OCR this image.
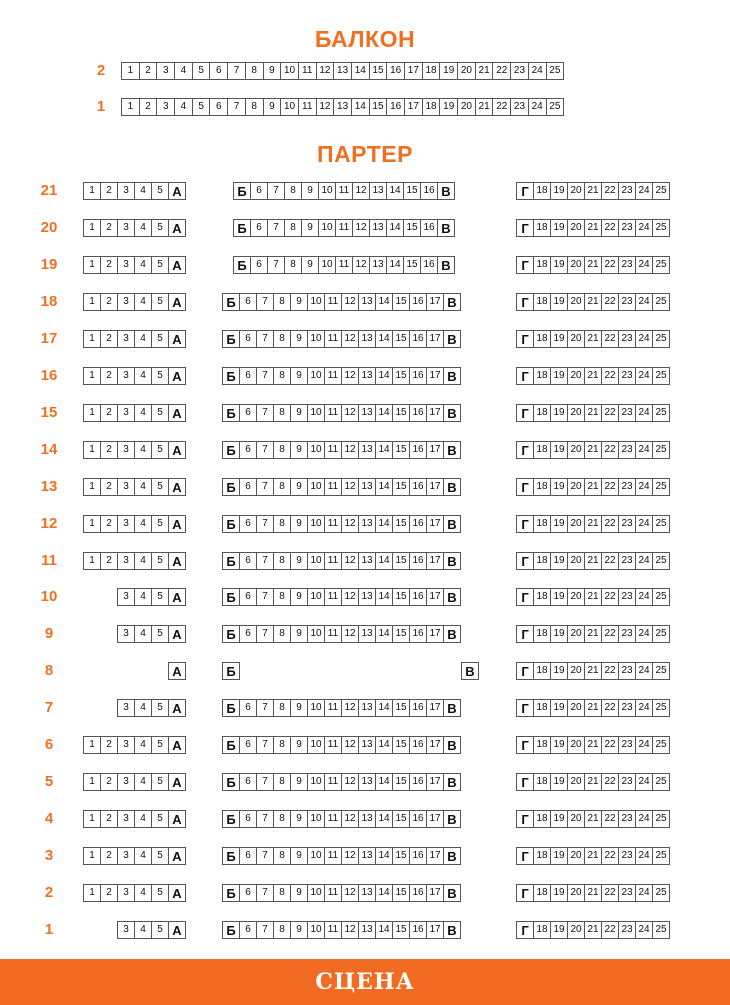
БАЛКОН
2	1	2	3	4	5	6	7	8	9 10 11 12 13 14 15 16 17 18 19 20 21 22 23 24 25
1	1	2	3	4	5	6	7	8	9 10 11 12 13 14 15 16 17 18 19 20 21 22 23 24 25
ПАРТЕР
21	1	2	3	4	5 А	Б 6	7	8	9 10 11 12 13 14 15 16 В	Г 18 19 20 21 22 23 24 25
20	1	2	3	4	5 А	Б 6	7	8	9 10 11 12 13 14 15 16 В	Г 18 19 20 21 22 23 24 25
19	1	2	3	4	5 А	Б 6	7	8	9 10 11 12 13 14 15 16 В	Г 18 19 20 21 22 23 24 25
18	1	2	3	4	5 А	Б 6	7	8	9 10 11 12 13 14 15 16 17 В	Г 18 19 20 21 22 23 24 25
17	1	2	3	4	5 А	Б 6	7	8	9 10 11 12 13 14 15 16 17 В	Г 18 19 20 21 22 23 24 25
16	1	2	3	4	5 А	Б 6	7	8	9 10 11 12 13 14 15 16 17 В	Г 18 19 20 21 22 23 24 25
15	1	2	3	4	5 А	Б 6	7	8	9 10 11 12 13 14 15 16 17 В	Г 18 19 20 21 22 23 24 25
14	1	2	3	4	5 А	Б 6	7	8	9 10 11 12 13 14 15 16 17 В	Г 18 19 20 21 22 23 24 25
13	1	2	3	4	5 А	Б 6	7	8	9 10 11 12 13 14 15 16 17 В	Г 18 19 20 21 22 23 24 25
12	1	2	3	4	5 А	Б 6	7	8	9 10 11 12 13 14 15 16 17 В	Г 18 19 20 21 22 23 24 25
11	1	2	3	4	5 А	Б 6	7	8	9 10 11 12 13 14 15 16 17 В	Г 18 19 20 21 22 23 24 25
10	3	4	5 А	Б 6	7	8	9 10 11 12 13 14 15 16 17 В	Г 18 19 20 21 22 23 24 25
9	3	4	5 А	Б 6	7	8	9 10 11 12 13 14 15 16 17 В	Г 18 19 20 21 22 23 24 25
8	А	Б	В	Г 18 19 20 21 22 23 24 25
7	3	4	5 А	Б 6	7	8	9 10 11 12 13 14 15 16 17 В	Г 18 19 20 21 22 23 24 25
6	1	2	3	4	5 А	Б 6	7	8	9 10 11 12 13 14 15 16 17 В	Г 18 19 20 21 22 23 24 25
5	1	2	3	4	5 А	Б 6	7	8	9 10 11 12 13 14 15 16 17 В	Г 18 19 20 21 22 23 24 25
4	1	2	3	4	5 А	Б 6	7	8	9 10 11 12 13 14 15 16 17 В	Г 18 19 20 21 22 23 24 25
3	1	2	3	4	5 А	Б 6	7	8	9 10 11 12 13 14 15 16 17 В	Г 18 19 20 21 22 23 24 25
2	1	2	3	4	5 А	Б 6	7	8	9 10 11 12 13 14 15 16 17 В	Г 18 19 20 21 22 23 24 25
1	3	4	5 А	Б 6	7	8	9 10 11 12 13 14 15 16 17 В	Г 18 19 20 21 22 23 24 25
СЦЕНА
